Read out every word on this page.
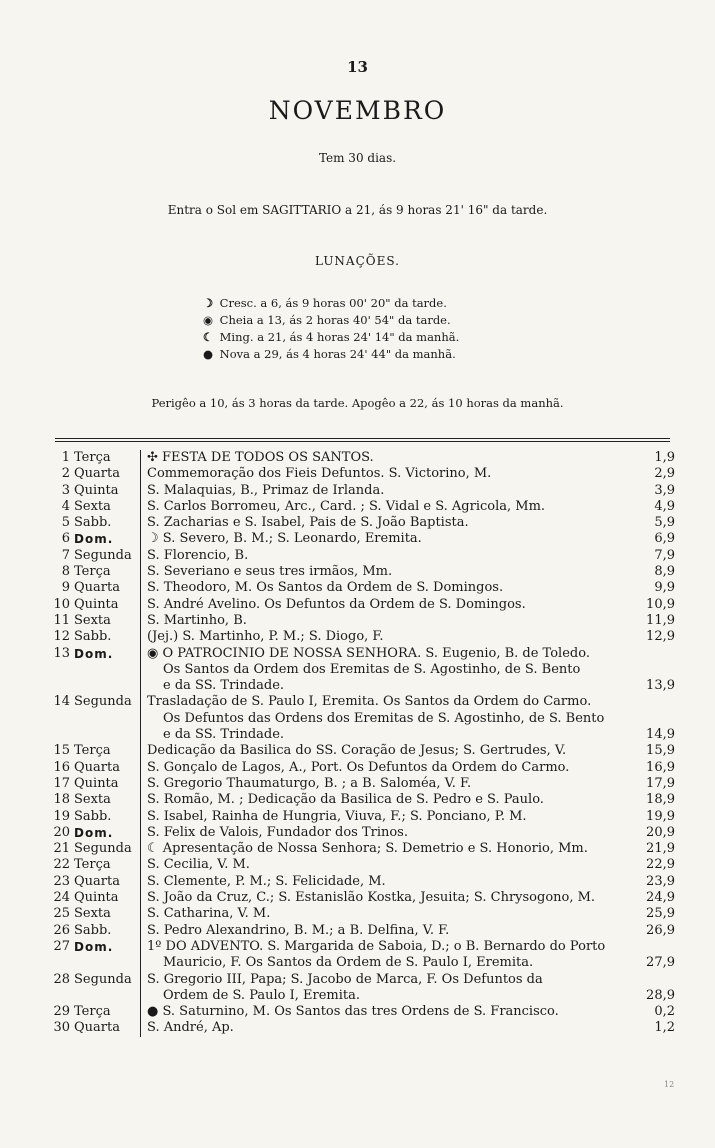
13
NOVEMBRO
Tem 30 dias.
Entra o Sol em SAGITTARIO a 21, ás 9 horas 21' 16" da tarde.
LUNAÇÕES.
☽ Cresc. a 6, ás 9 horas 00' 20" da tarde.
◉ Cheia a 13, ás 2 horas 40' 54" da tarde.
☾ Ming. a 21, ás 4 horas 24' 14" da manhã.
● Nova a 29, ás 4 horas 24' 44" da manhã.
Perigêo a 10, ás 3 horas da tarde. Apogêo a 22, ás 10 horas da manhã.
1 Terça	✣ FESTA DE TODOS OS SANTOS.	1,9
2 Quarta	Commemoração dos Fieis Defuntos. S. Victorino, M.	2,9
3 Quinta	S. Malaquias, B., Primaz de Irlanda.	3,9
4 Sexta	S. Carlos Borromeu, Arc., Card. ; S. Vidal e S. Agricola, Mm.	4,9
5 Sabb.	S. Zacharias e S. Isabel, Pais de S. João Baptista.	5,9
6 Dom.	☽ S. Severo, B. M.; S. Leonardo, Eremita.	6,9
7 Segunda	S. Florencio, B.	7,9
8 Terça	S. Severiano e seus tres irmãos, Mm.	8,9
9 Quarta	S. Theodoro, M. Os Santos da Ordem de S. Domingos.	9,9
10 Quinta	S. André Avelino. Os Defuntos da Ordem de S. Domingos.	10,9
11 Sexta	S. Martinho, B.	11,9
12 Sabb.	(Jej.) S. Martinho, P. M.; S. Diogo, F.	12,9
13 Dom.	◉ O PATROCINIO DE NOSSA SENHORA. S. Eugenio, B. de Toledo.
Os Santos da Ordem dos Eremitas de S. Agostinho, de S. Bento
e da SS. Trindade.	13,9
14 Segunda	Trasladação de S. Paulo I, Eremita. Os Santos da Ordem do Carmo.
Os Defuntos das Ordens dos Eremitas de S. Agostinho, de S. Bento
e da SS. Trindade.	14,9
15 Terça	Dedicação da Basilica do SS. Coração de Jesus; S. Gertrudes, V.	15,9
16 Quarta	S. Gonçalo de Lagos, A., Port. Os Defuntos da Ordem do Carmo.	16,9
17 Quinta	S. Gregorio Thaumaturgo, B. ; a B. Saloméa, V. F.	17,9
18 Sexta	S. Romão, M. ; Dedicação da Basilica de S. Pedro e S. Paulo.	18,9
19 Sabb.	S. Isabel, Rainha de Hungria, Viuva, F.; S. Ponciano, P. M.	19,9
20 Dom.	S. Felix de Valois, Fundador dos Trinos.	20,9
21 Segunda	☾ Apresentação de Nossa Senhora; S. Demetrio e S. Honorio, Mm.	21,9
22 Terça	S. Cecilia, V. M.	22,9
23 Quarta	S. Clemente, P. M.; S. Felicidade, M.	23,9
24 Quinta	S. João da Cruz, C.; S. Estanislão Kostka, Jesuita; S. Chrysogono, M.	24,9
25 Sexta	S. Catharina, V. M.	25,9
26 Sabb.	S. Pedro Alexandrino, B. M.; a B. Delfina, V. F.	26,9
27 Dom.	1º DO ADVENTO. S. Margarida de Saboia, D.; o B. Bernardo do Porto
Mauricio, F. Os Santos da Ordem de S. Paulo I, Eremita.	27,9
28 Segunda	S. Gregorio III, Papa; S. Jacobo de Marca, F. Os Defuntos da
Ordem de S. Paulo I, Eremita.	28,9
29 Terça	● S. Saturnino, M. Os Santos das tres Ordens de S. Francisco.	0,2
30 Quarta	S. André, Ap.	1,2
12
